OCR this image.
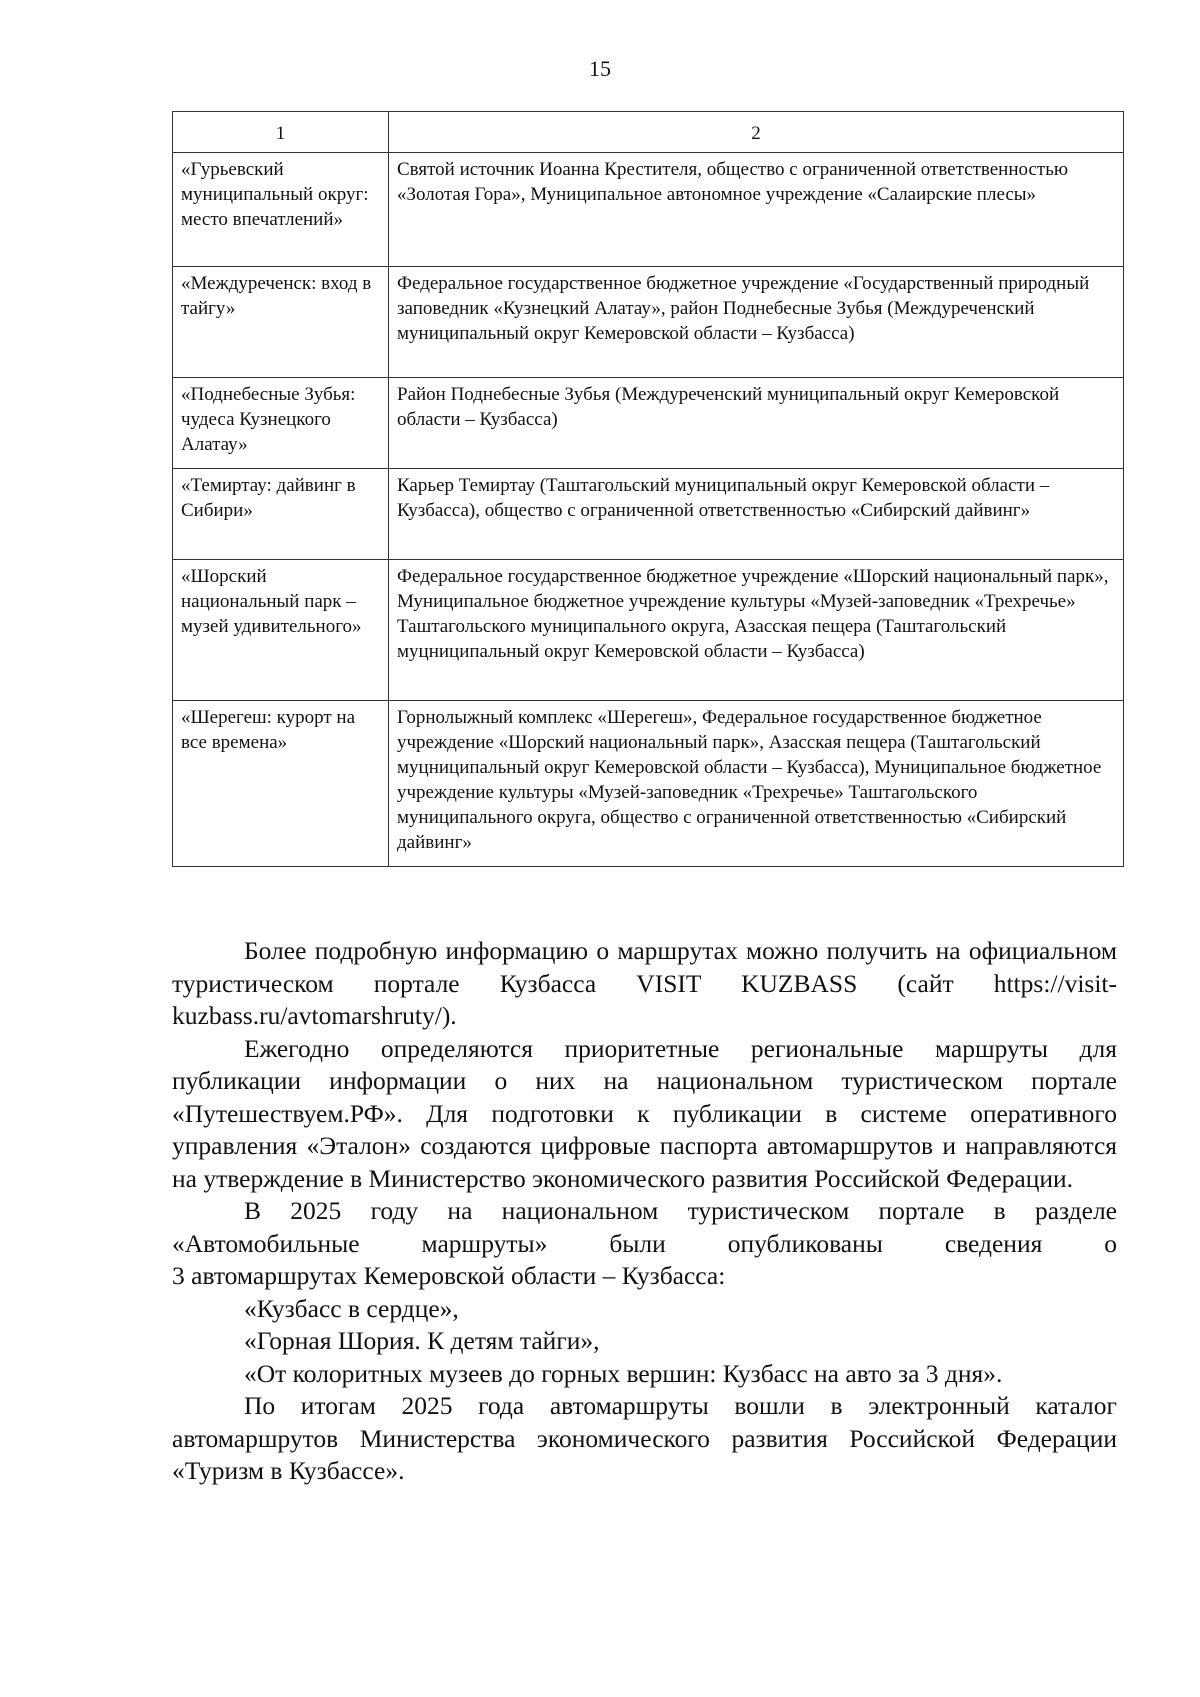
15
1	2
«Гурьевский муниципальный округ: место впечатлений»	Святой источник Иоанна Крестителя, общество с ограниченной ответственностью «Золотая Гора», Муниципальное автономное учреждение «Салаирские плесы»
«Междуреченск: вход в тайгу»	Федеральное государственное бюджетное учреждение «Государственный природный заповедник «Кузнецкий Алатау», район Поднебесные Зубья (Междуреченский муниципальный округ Кемеровской области – Кузбасса)
«Поднебесные Зубья: чудеса Кузнецкого Алатау»	Район Поднебесные Зубья (Междуреченский муниципальный округ Кемеровской области – Кузбасса)
«Темиртау: дайвинг в Сибири»	Карьер Темиртау (Таштагольский муниципальный округ Кемеровской области – Кузбасса), общество с ограниченной ответственностью «Сибирский дайвинг»
«Шорский национальный парк – музей удивительного»	Федеральное государственное бюджетное учреждение «Шорский национальный парк», Муниципальное бюджетное учреждение культуры «Музей-заповедник «Трехречье» Таштагольского муниципального округа, Азасская пещера (Таштагольский муцниципальный округ Кемеровской области – Кузбасса)
«Шерегеш: курорт на все времена»	Горнолыжный комплекс «Шерегеш», Федеральное государственное бюджетное учреждение «Шорский национальный парк», Азасская пещера (Таштагольский муцниципальный округ Кемеровской области – Кузбасса), Муниципальное бюджетное учреждение культуры «Музей-заповедник «Трехречье» Таштагольского муниципального округа, общество с ограниченной ответственностью «Сибирский дайвинг»

Более подробную информацию о маршрутах можно получить на официальном туристическом портале Кузбасса VISIT KUZBASS (сайт https://visit-kuzbass.ru/avtomarshruty/).

Ежегодно определяются приоритетные региональные маршруты для публикации информации о них на национальном туристическом портале «Путешествуем.РФ». Для подготовки к публикации в системе оперативного управления «Эталон» создаются цифровые паспорта автомаршрутов и направляются на утверждение в Министерство экономического развития Российской Федерации.

В 2025 году на национальном туристическом портале в разделе «Автомобильные маршруты» были опубликованы сведения о

3 автомаршрутах Кемеровской области – Кузбасса:

«Кузбасс в сердце»,

«Горная Шория. К детям тайги»,

«От колоритных музеев до горных вершин: Кузбасс на авто за 3 дня».

По итогам 2025 года автомаршруты вошли в электронный каталог автомаршрутов Министерства экономического развития Российской Федерации «Туризм в Кузбассе».
